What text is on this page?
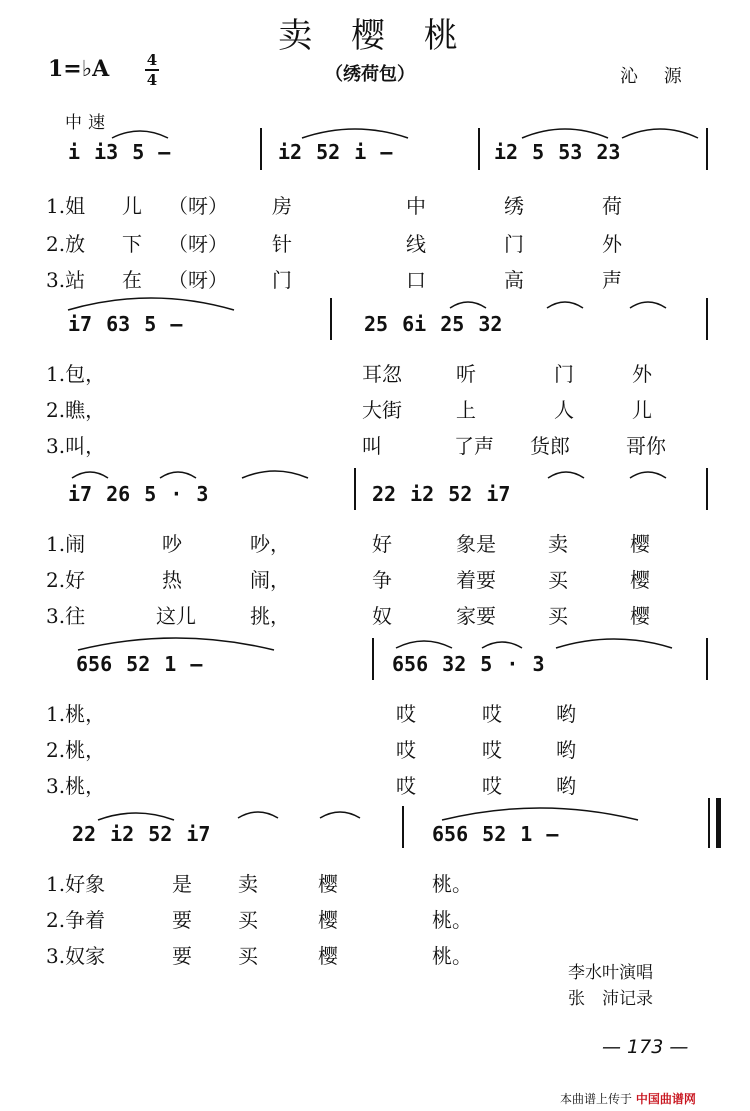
卖 樱 桃
1=♭A	4
4	（绣荷包）	沁 源
中速
i i3 5 —	i2 52 i —	i2 5 53 23
1.姐 儿 （呀） 房	中	绣	荷
2.放 下 （呀） 针	线	门	外
3.站 在 （呀） 门	口	高	声
i7 63 5 —	25 6i 25 32
1.包，	耳忽	听	门	外
2.瞧，	大街	上	人	儿
3.叫，	叫	了声 货郎	哥你
i7 26 5 · 3	22 i2 52 i7
1.闹	吵	吵，	好	象是	卖	樱
2.好	热	闹，	争	着要	买	樱
3.往	这儿	挑，	奴	家要	买	樱
656 52 1 —	656 32 5 · 3
1.桃，	哎	哎	哟
2.桃，	哎	哎	哟
3.桃，	哎	哎	哟
22 i2 52 i7	656 52 1 —
1.好象	是 卖	樱	桃。
2.争着	要 买	樱	桃。
3.奴家	要 买	樱	桃。
李水叶演唱
张　沛记录
— 173 —
本曲谱上传于 中国曲谱网
